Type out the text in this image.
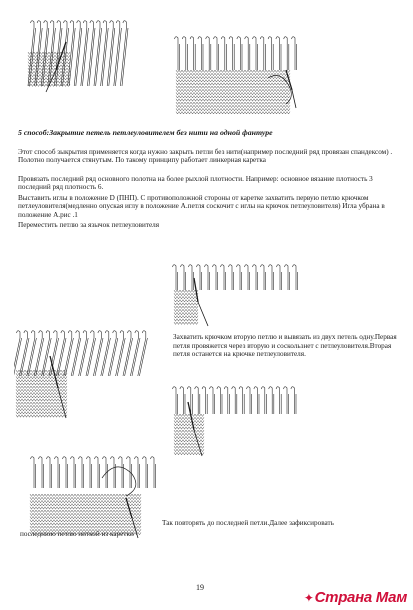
5 способ:Закрытие петель петлеуловителем без нити на одной фантуре

Этот способ зыкрытия применяется когда нужно закрыть петли без нити(например последний ряд провязан спандексом) . Полотно получается стянутым. По такому принципу работает линкерная каретка

Провязать последний ряд основного полотна на более рыхлой плотности. Например: основное вязание плотность 3 последний ряд плотность 6.

Выставить иглы в положение D (ПНП). С противоположной стороны от каретке захватить первую петлю крючком петлеуловителя(медленно опуская иглу в положение А.петля соскочит с иглы на крючок петлеуловителя) Игла убрана в положение А.рис .1

Переместить петлю за язычок петлеуловителя

Захватить крючком вторую петлю и вывязать из двух петель одну.Первая петля провяжется через вторую и соскользнет с петлеуловителя.Вторая петля останется на крючке петлеуловителя.

Так повторять до последней петли.Далее зафиксировать

последнюю петлю ниткой из каретки

19
✦Страна Мам
